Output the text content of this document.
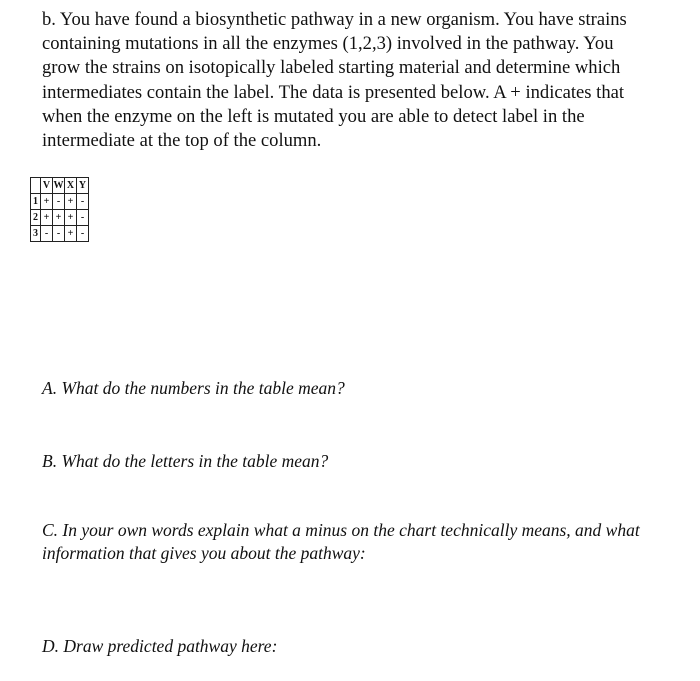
b. You have found a biosynthetic pathway in a new organism. You have strains containing mutations in all the enzymes (1,2,3) involved in the pathway. You grow the strains on isotopically labeled starting material and determine which intermediates contain the label. The data is presented below. A + indicates that when the enzyme on the left is mutated you are able to detect label in the intermediate at the top of the column.

	V	W	X	Y
1	+	-	+	-
2	+	+	+	-
3	-	-	+	-

A. What do the numbers in the table mean?

B. What do the letters in the table mean?

C. In your own words explain what a minus on the chart technically means, and what information that gives you about the pathway:

D. Draw predicted pathway here:
